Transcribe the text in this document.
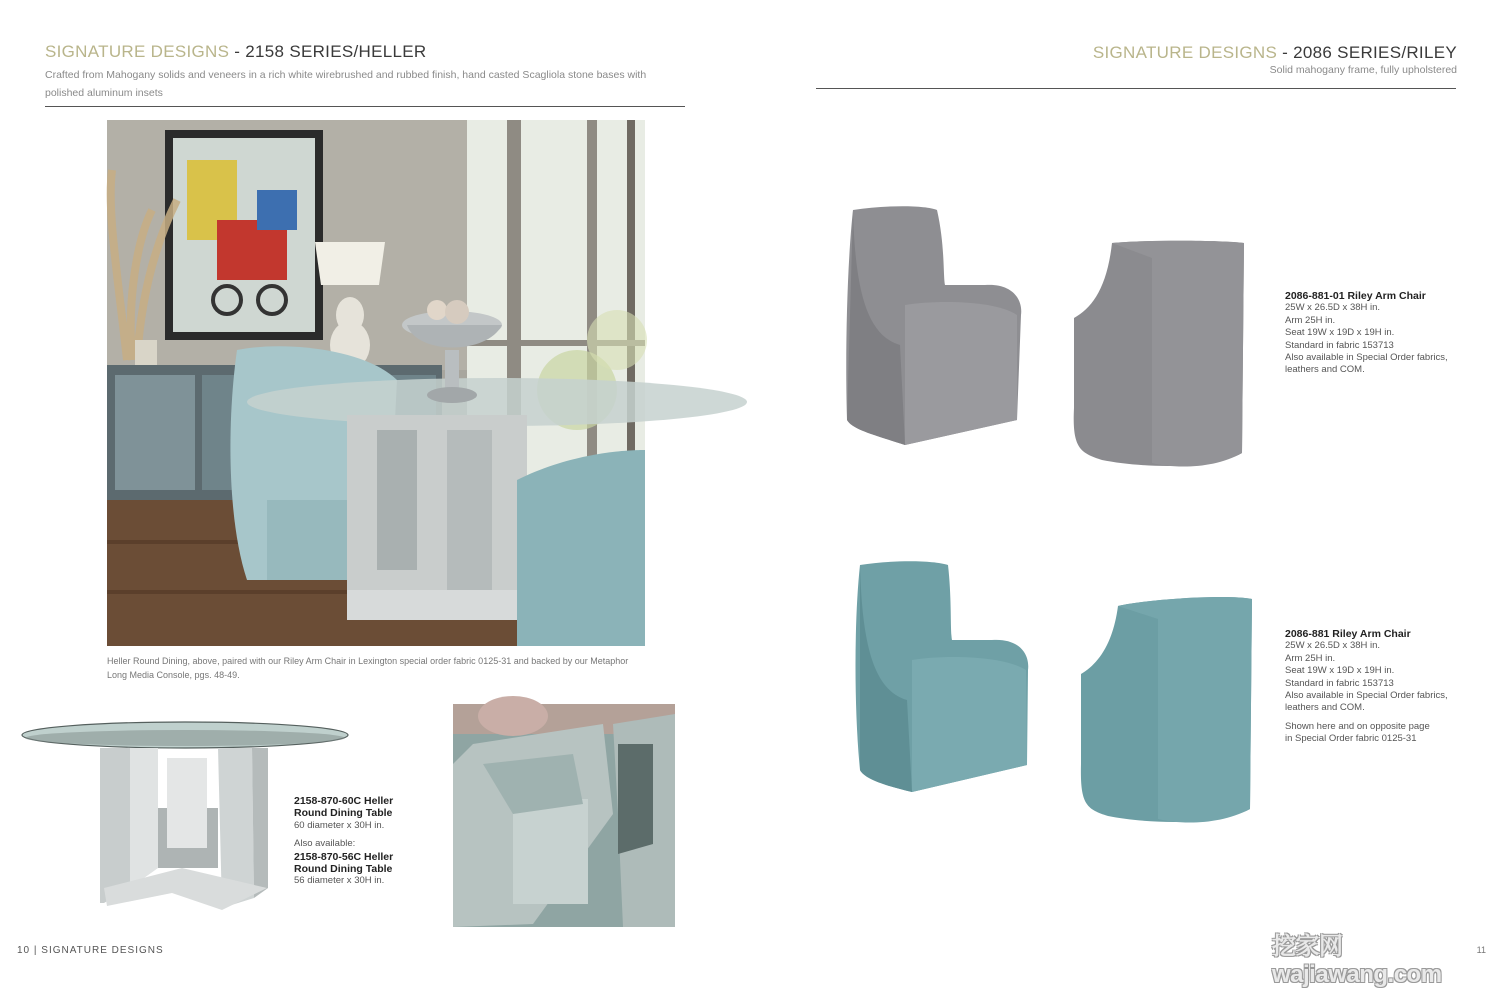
SIGNATURE DESIGNS - 2158 SERIES/HELLER
Crafted from Mahogany solids and veneers in a rich white wirebrushed and rubbed finish, hand casted Scagliola stone bases with polished aluminum insets
Heller Round Dining, above, paired with our Riley Arm Chair in Lexington special order fabric 0125-31 and backed by our Metaphor Long Media Console, pgs. 48-49.
2158-870-60C Heller
Round Dining Table
60 diameter x 30H in.
Also available:
2158-870-56C Heller
Round Dining Table
56 diameter x 30H in.
10 | SIGNATURE DESIGNS
SIGNATURE DESIGNS - 2086 SERIES/RILEY
Solid mahogany frame, fully upholstered
2086-881-01 Riley Arm Chair
25W x 26.5D x 38H in.
Arm 25H in.
Seat 19W x 19D x 19H in.
Standard in fabric 153713
Also available in Special Order fabrics,
leathers and COM.
2086-881 Riley Arm Chair
25W x 26.5D x 38H in.
Arm 25H in.
Seat 19W x 19D x 19H in.
Standard in fabric 153713
Also available in Special Order fabrics,
leathers and COM.
Shown here and on opposite page
in Special Order fabric 0125-31
11
挖家网 wajiawang.com
